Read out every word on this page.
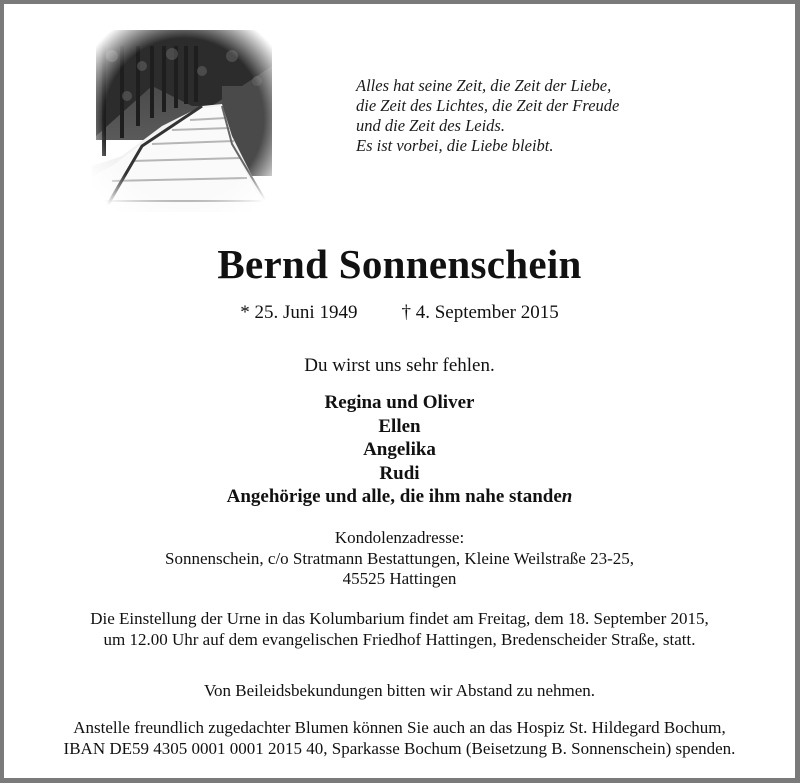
Alles hat seine Zeit, die Zeit der Liebe,
die Zeit des Lichtes, die Zeit der Freude
und die Zeit des Leids.
Es ist vorbei, die Liebe bleibt.
Bernd Sonnenschein
* 25. Juni 1949 † 4. September 2015
Du wirst uns sehr fehlen.
Regina und Oliver
Ellen
Angelika
Rudi
Angehörige und alle, die ihm nahe standen
Kondolenzadresse:
Sonnenschein, c/o Stratmann Bestattungen, Kleine Weilstraße 23-25,
45525 Hattingen
Die Einstellung der Urne in das Kolumbarium findet am Freitag, dem 18. September 2015,
um 12.00 Uhr auf dem evangelischen Friedhof Hattingen, Bredenscheider Straße, statt.
Von Beileidsbekundungen bitten wir Abstand zu nehmen.
Anstelle freundlich zugedachter Blumen können Sie auch an das Hospiz St. Hildegard Bochum,
IBAN DE59 4305 0001 0001 2015 40, Sparkasse Bochum (Beisetzung B. Sonnenschein) spenden.
